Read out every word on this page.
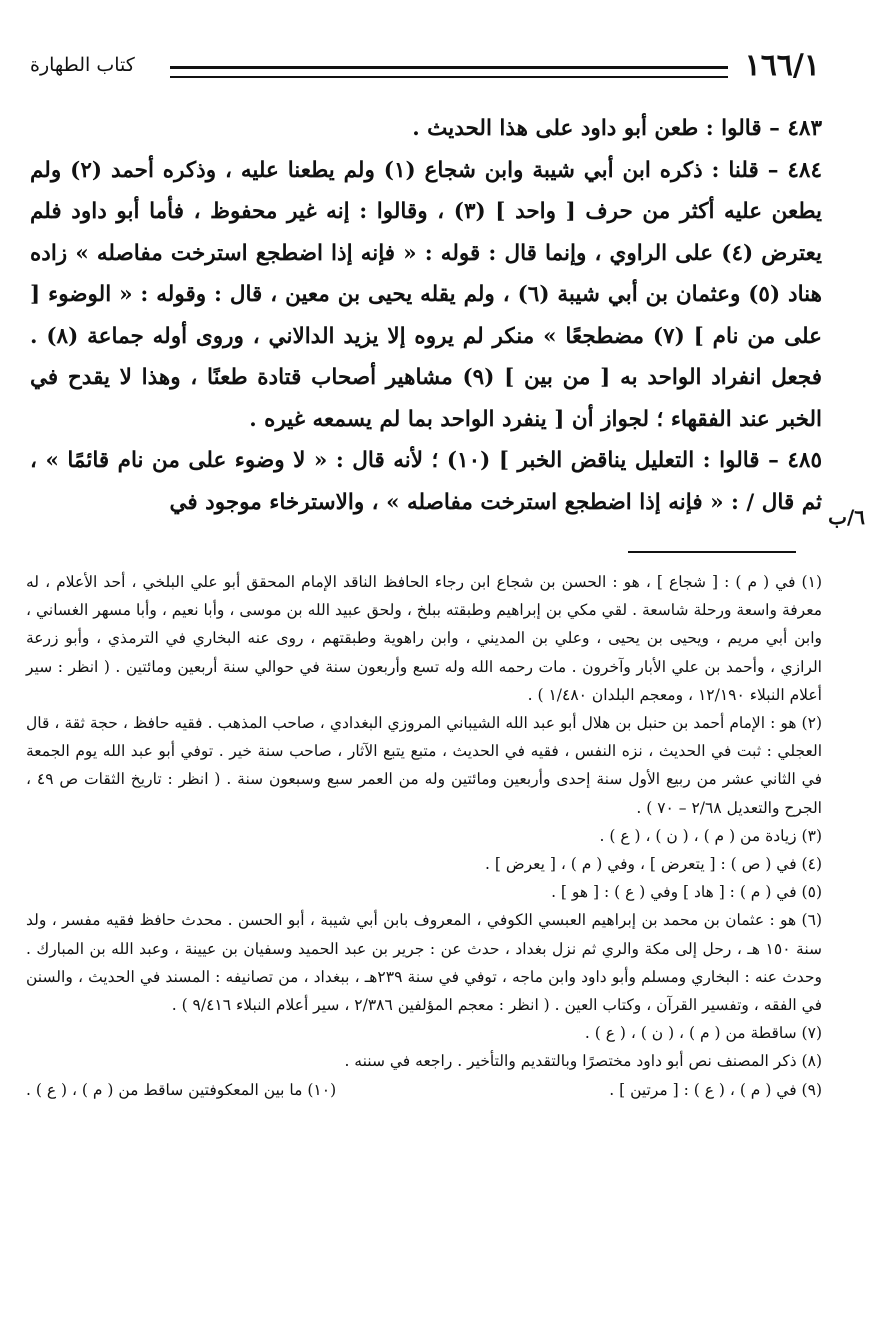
١٦٦/١
كتاب الطهارة

٤٨٣ – قالوا : طعن أبو داود على هذا الحديث .

٤٨٤ – قلنا : ذكره ابن أبي شيبة وابن شجاع (١) ولم يطعنا عليه ، وذكره أحمد (٢) ولم يطعن عليه أكثر من حرف [ واحد ] (٣) ، وقالوا : إنه غير محفوظ ، فأما أبو داود فلم يعترض (٤) على الراوي ، وإنما قال : قوله : « فإنه إذا اضطجع استرخت مفاصله » زاده هناد (٥) وعثمان بن أبي شيبة (٦) ، ولم يقله يحيى بن معين ، قال : وقوله : « الوضوء [ على من نام ] (٧) مضطجعًا » منكر لم يروه إلا يزيد الدالاني ، وروى أوله جماعة (٨) . فجعل انفراد الواحد به [ من بين ] (٩) مشاهير أصحاب قتادة طعنًا ، وهذا لا يقدح في الخبر عند الفقهاء ؛ لجواز أن [ ينفرد الواحد بما لم يسمعه غيره .

٤٨٥ – قالوا : التعليل يناقض الخبر ] (١٠) ؛ لأنه قال : « لا وضوء على من نام قائمًا » ، ثم قال / : « فإنه إذا اضطجع استرخت مفاصله » ، والاسترخاء موجود في

٦/ب

(١) في ( م ) : [ شجاع ] ، هو : الحسن بن شجاع ابن رجاء الحافظ الناقد الإمام المحقق أبو علي البلخي ، أحد الأعلام ، له معرفة واسعة ورحلة شاسعة . لقي مكي بن إبراهيم وطبقته ببلخ ، ولحق عبيد الله بن موسى ، وأبا نعيم ، وأبا مسهر الغساني ، وابن أبي مريم ، ويحيى بن يحيى ، وعلي بن المديني ، وابن راهوية وطبقتهم ، روى عنه البخاري في الترمذي ، وأبو زرعة الرازي ، وأحمد بن علي الأبار وآخرون . مات رحمه الله وله تسع وأربعون سنة في حوالي سنة أربعين ومائتين . ( انظر : سير أعلام النبلاء ١٢/١٩٠ ، ومعجم البلدان ١/٤٨٠ ) .

(٢) هو : الإمام أحمد بن حنبل بن هلال أبو عبد الله الشيباني المروزي البغدادي ، صاحب المذهب . فقيه حافظ ، حجة ثقة ، قال العجلي : ثبت في الحديث ، نزه النفس ، فقيه في الحديث ، متبع يتبع الآثار ، صاحب سنة خير . توفي أبو عبد الله يوم الجمعة في الثاني عشر من ربيع الأول سنة إحدى وأربعين ومائتين وله من العمر سبع وسبعون سنة . ( انظر : تاريخ الثقات ص ٤٩ ، الجرح والتعديل ٢/٦٨ – ٧٠ ) .

(٣) زيادة من ( م ) ، ( ن ) ، ( ع ) .

(٤) في ( ص ) : [ يتعرض ] ، وفي ( م ) ، [ يعرض ] .

(٥) في ( م ) : [ هاد ] وفي ( ع ) : [ هو ] .

(٦) هو : عثمان بن محمد بن إبراهيم العبسي الكوفي ، المعروف بابن أبي شيبة ، أبو الحسن . محدث حافظ فقيه مفسر ، ولد سنة ١٥٠ هـ ، رحل إلى مكة والري ثم نزل بغداد ، حدث عن : جرير بن عبد الحميد وسفيان بن عيينة ، وعبد الله بن المبارك . وحدث عنه : البخاري ومسلم وأبو داود وابن ماجه ، توفي في سنة ٢٣٩هـ ، ببغداد ، من تصانيفه : المسند في الحديث ، والسنن في الفقه ، وتفسير القرآن ، وكتاب العين . ( انظر : معجم المؤلفين ٢/٣٨٦ ، سير أعلام النبلاء ٩/٤١٦ ) .

(٧) ساقطة من ( م ) ، ( ن ) ، ( ع ) .

(٨) ذكر المصنف نص أبو داود مختصرًا وبالتقديم والتأخير . راجعه في سننه .

(٩) في ( م ) ، ( ع ) : [ مرتين ] .
(١٠) ما بين المعكوفتين ساقط من ( م ) ، ( ع ) .
